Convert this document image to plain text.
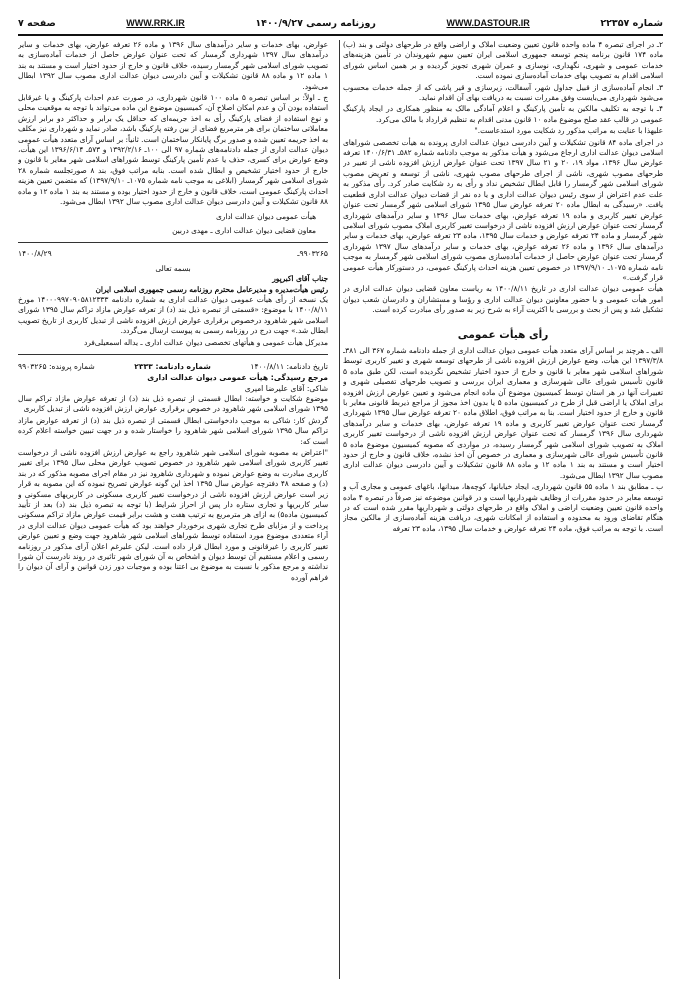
شماره ۲۲۳۵۷
WWW.DASTOUR.IR
روزنامه رسمی ۱۴۰۰/۹/۲۷
WWW.RRK.IR
صفحه ۷

۲ـ در اجرای تبصره ۴ ماده واحده قانون تعیین وضعیت املاک و اراضی واقع در طرحهای دولتی و بند (ب) ماده ۱۷۴ قانون برنامه پنجم توسعه جمهوری اسلامی ایران تعیین سهم شهروندان در تأمین هزینه‌های خدمات عمومی و شهری، نگهداری، نوسازی و عمران شهری تجویز گردیده و بر همین اساس شورای اسلامی اقدام به تصویب بهای خدمات آماده‌سازی نموده است.

۳ـ انجام آماده‌سازی از قبیل جداول شهر، آسفالت، زیرسازی و قیر پاشی که از جمله خدمات محسوب می‌شود شهرداری می‌بایست وفق مقررات نسبت به دریافت بهای آن اقدام نماید.

۴ـ با توجه به تکلیف مالکین به تأمین پارکینگ و اعلام آمادگی مالک به منظور همکاری در ایجاد پارکینگ عمومی در قالب عقد صلح موضوع ماده ۱۰ قانون مدنی اقدام به تنظیم قرارداد با مالک می‌کرد.

علیهذا با عنایت به مراتب مذکور رد شکایت مورد استدعاست."

در اجرای ماده ۸۴ قانون تشکیلات و آیین دادرسی دیوان عدالت اداری پرونده به هیأت تخصصی شوراهای اسلامی دیوان عدالت اداری ارجاع می‌شود و هیأت مذکور به موجب دادنامه شماره ۵۸۲ـ ۱۴۰۰/۶/۳۱ تعرفه عوارض سال ۱۳۹۶، مواد ۱۹، ۲۰ و ۲۱ سال ۱۳۹۷ تحت عنوان عوارض ارزش افزوده ناشی از تغییر در طرحهای مصوب شهری، ناشی از اجرای طرحهای مصوب شهری، ناشی از توسعه و تعریض مصوب شورای اسلامی شهر گرمسار را قابل ابطال تشخیص نداد و رأی به رد شکایت صادر کرد. رأی مذکور به علت عدم اعتراض از سوی رئیس دیوان عدالت اداری و یا ده نفر از قضات دیوان عدالت اداری قطعیت یافت. «رسیدگی به ابطال ماده ۲۰ تعرفه عوارض سال ۱۳۹۵ شورای اسلامی شهر گرمسار تحت عنوان عوارض تغییر کاربری و ماده ۱۹ تعرفه عوارض، بهای خدمات سال ۱۳۹۶ و سایر درآمدهای شهرداری گرمسار تحت عنوان عوارض ارزش افزوده ناشی از درخواست تغییر کاربری املاک مصوب شورای اسلامی شهر گرمسار و ماده ۲۴ تعرفه عوارض و خدمات سال ۱۳۹۵، ماده ۲۳ تعرفه عوارض، بهای خدمات و سایر درآمدهای سال ۱۳۹۶ و ماده ۲۶ تعرفه عوارض، بهای خدمات و سایر درآمدهای سال ۱۳۹۷ شهرداری گرمسار تحت عنوان عوارض حاصل از خدمات آماده‌سازی مصوب شورای اسلامی شهر گرمسار به موجب نامه شماره ۱۰۷۵ـ ۱۳۹۷/۹/۱۰ در خصوص تعیین هزینه احداث پارکینگ عمومی، در دستورکار هیأت عمومی قرار گرفت.»

هیأت عمومی دیوان عدالت اداری در تاریخ ۱۴۰۰/۸/۱۱ به ریاست معاون قضایی دیوان عدالت اداری در امور هیأت عمومی و با حضور معاونین دیوان عدالت اداری و رؤسا و مستشاران و دادرسان شعب دیوان تشکیل شد و پس از بحث و بررسی با اکثریت آراء به شرح زیر به صدور رأی مبادرت کرده است.

رأی هیأت عمومی

الف ـ هرچند بر اساس آرای متعدد هیأت عمومی دیوان عدالت اداری از جمله دادنامه شماره ۳۶۷ الی ۳۸۱ـ ۱۳۹۷/۳/۸ این هیأت، وضع عوارض ارزش افزوده ناشی از طرحهای توسعه شهری و تغییر کاربری توسط شوراهای اسلامی شهر مغایر با قانون و خارج از حدود اختیار تشخیص نگردیده است، لکن طبق ماده ۵ قانون تأسیس شورای عالی شهرسازی و معماری ایران بررسی و تصویب طرحهای تفصیلی شهری و تغییرات آنها در هر استان توسط کمیسیون موضوع آن ماده انجام می‌شود و تعیین عوارض ارزش افزوده برای املاک یا اراضی قبل از طرح در کمیسیون ماده ۵ یا بدون اخذ مجوز از مراجع ذیربط قانونی مغایر با قانون و خارج از حدود اختیار است. بنا به مراتب فوق، اطلاق ماده ۲۰ تعرفه عوارض سال ۱۳۹۵ شهرداری گرمسار تحت عنوان عوارض تغییر کاربری و ماده ۱۹ تعرفه عوارض، بهای خدمات و سایر درآمدهای شهرداری سال ۱۳۹۶ گرمسار که تحت عنوان عوارض ارزش افزوده ناشی از درخواست تغییر کاربری املاک به تصویب شورای اسلامی شهر گرمسار رسیده، در مواردی که مصوبه کمیسیون موضوع ماده ۵ قانون تأسیس شورای عالی شهرسازی و معماری در خصوص آن اخذ نشده، خلاف قانون و خارج از حدود اختیار است و مستند به بند ۱ ماده ۱۲ و ماده ۸۸ قانون تشکیلات و آیین دادرسی دیوان عدالت اداری مصوب سال ۱۳۹۲ ابطال می‌شود.

ب ـ مطابق بند ۱ ماده ۵۵ قانون شهرداری، ایجاد خیابانها، کوچه‌ها، میدانها، باغهای عمومی و مجاری آب و توسعه معابر در حدود مقررات از وظایف شهرداریها است و در قوانین موضوعه نیز صرفاً در تبصره ۴ ماده واحده قانون تعیین وضعیت اراضی و املاک واقع در طرحهای دولتی و شهرداریها مقرر شده است که در هنگام تقاضای ورود به محدوده و استفاده از امکانات شهری، دریافت هزینه آماده‌سازی از مالکین مجاز است. با توجه به مراتب فوق، ماده ۲۴ تعرفه عوارض و خدمات سال ۱۳۹۵، ماده ۲۳ تعرفه

عوارض، بهای خدمات و سایر درآمدهای سال ۱۳۹۶ و ماده ۲۶ تعرفه عوارض، بهای خدمات و سایر درآمدهای سال ۱۳۹۷ شهرداری گرمسار که تحت عنوان عوارض حاصل از خدمات آماده‌سازی به تصویب شورای اسلامی شهر گرمسار رسیده، خلاف قانون و خارج از حدود اختیار است و مستند به بند ۱ ماده ۱۲ و ماده ۸۸ قانون تشکیلات و آیین دادرسی دیوان عدالت اداری مصوب سال ۱۳۹۲ ابطال می‌شود.

ج ـ اولاً: بر اساس تبصره ۵ ماده ۱۰۰ قانون شهرداری، در صورت عدم احداث پارکینگ و یا غیرقابل استفاده بودن آن و عدم امکان اصلاح آن، کمیسیون موضوع این ماده می‌تواند با توجه به موقعیت محلی و نوع استفاده از فضای پارکینگ رأی به اخذ جریمه‌ای که حداقل یک برابر و حداکثر دو برابر ارزش معاملاتی ساختمان برای هر مترمربع فضای از بین رفته پارکینگ باشد، صادر نماید و شهرداری نیز مکلف به اخذ جریمه تعیین شده و صدور برگ پایانکار ساختمان است. ثانیاً: بر اساس آرای متعدد هیأت عمومی دیوان عدالت اداری از جمله دادنامه‌های شماره ۹۷ الی ۱۰۰ـ ۱۳۹۲/۲/۱۶ و ۵۷۳ـ ۱۳۹۶/۶/۱۴ این هیأت، وضع عوارض برای کسری، حذف یا عدم تأمین پارکینگ توسط شوراهای اسلامی شهر مغایر با قانون و خارج از حدود اختیار تشخیص و ابطال شده است. بنابه مراتب فوق، بند ۸ صورتجلسه شماره ۲۸ شورای اسلامی شهر گرمسار (ابلاغی به موجب نامه شماره ۱۰۷۵ـ ۱۳۹۷/۹/۱۰) که متضمن تعیین هزینه احداث پارکینگ عمومی است، خلاف قانون و خارج از حدود اختیار بوده و مستند به بند ۱ ماده ۱۲ و ماده ۸۸ قانون تشکیلات و آیین دادرسی دیوان عدالت اداری مصوب سال ۱۳۹۲ ابطال می‌شود.

هیأت عمومی دیوان عدالت اداری
معاون قضایی دیوان عدالت اداری ـ مهدی دربین
۹۹۰۳۲۶۵ـ
۱۴۰۰/۸/۲۹
بسمه تعالی
جناب آقای اکبرپور
رئیس هیأت‌مدیره و مدیرعامل محترم روزنامه رسمی جمهوری اسلامی ایران

یک نسخه از رأی هیأت عمومی دیوان عدالت اداری به شماره دادنامه ۱۴۰۰۰۹۹۷۰۹۰۵۸۱۲۳۳۳ مورخ ۱۴۰۰/۸/۱۱ با موضوع: «قسمتی از تبصره ذیل بند (د) از تعرفه عوارض مازاد تراکم سال ۱۳۹۵ شورای اسلامی شهر شاهرود درخصوص برقراری عوارض ارزش افزوده ناشی از تبدیل کاربری از تاریخ تصویب ابطال شد.» جهت درج در روزنامه رسمی به پیوست ارسال می‌گردد.

مدیرکل هیأت عمومی و هیأتهای تخصصی دیوان عدالت اداری ـ یداله اسمعیلی‌فرد

تاریخ دادنامه: ۱۴۰۰/۸/۱۱
شماره دادنامه: ۲۳۳۳
شماره پرونده: ۹۹۰۳۲۶۵
مرجع رسیدگی: هیأت عمومی دیوان عدالت اداری
شاکی: آقای علیرضا امیری

موضوع شکایت و خواسته: ابطال قسمتی از تبصره ذیل بند (د) از تعرفه عوارض مازاد تراکم سال ۱۳۹۵ شورای اسلامی شهر شاهرود در خصوص برقراری عوارض ارزش افزوده ناشی از تبدیل کاربری

گردش کار: شاکی به موجب دادخواستی ابطال قسمتی از تبصره ذیل بند (د) از تعرفه عوارض مازاد تراکم سال ۱۳۹۵ شورای اسلامی شهر شاهرود را خواستار شده و در جهت تبیین خواسته اعلام کرده است که:

"اعتراض به مصوبه شورای اسلامی شهر شاهرود راجع به عوارض ارزش افزوده ناشی از درخواست تغییر کاربری شورای اسلامی شهر شاهرود در خصوص تصویب عوارض محلی سال ۱۳۹۵ برای تغییر کاربری مبادرت به وضع عوارض نموده و شهرداری شاهرود نیز در مقام اجرای مصوبه مذکور که در بند (د) و صفحه ۴۸ دفترچه عوارض سال ۱۳۹۵ اخذ این گونه عوارض تصریح نموده که این مصوبه به قرار زیر است عوارض ارزش افزوده ناشی از درخواست تغییر کاربری مسکونی در کاربریهای مسکونی و سایر کاربریها و تجاری ستاره دار پس از احراز شرایط (با توجه به تبصره ذیل بند (د) بعد از تأیید کمیسیون ماده۵) به ازای هر مترمربع به ترتیب هفت و هشت برابر قیمت عوارض مازاد تراکم مسکونی پرداخت و از مزایای طرح تجاری شهری برخوردار خواهند بود که هیأت عمومی دیوان عدالت اداری در آراء متعددی موضوع مورد استفاده توسط شوراهای اسلامی شهر شاهرود جهت وضع و تعیین عوارض تغییر کاربری را غیرقانونی و مورد ابطال قرار داده است. لیکن علیرغم اعلان آرای مذکور در روزنامه رسمی و اعلام مستقیم آن توسط دیوان و اشخاص به آن شورای شهر تاثیری در روند نادرست آن شورا نداشته و مرجع مذکور با نسبت به موضوع بی اعتنا بوده و موجبات دور زدن قوانین و آرای آن دیوان را فراهم آورده
